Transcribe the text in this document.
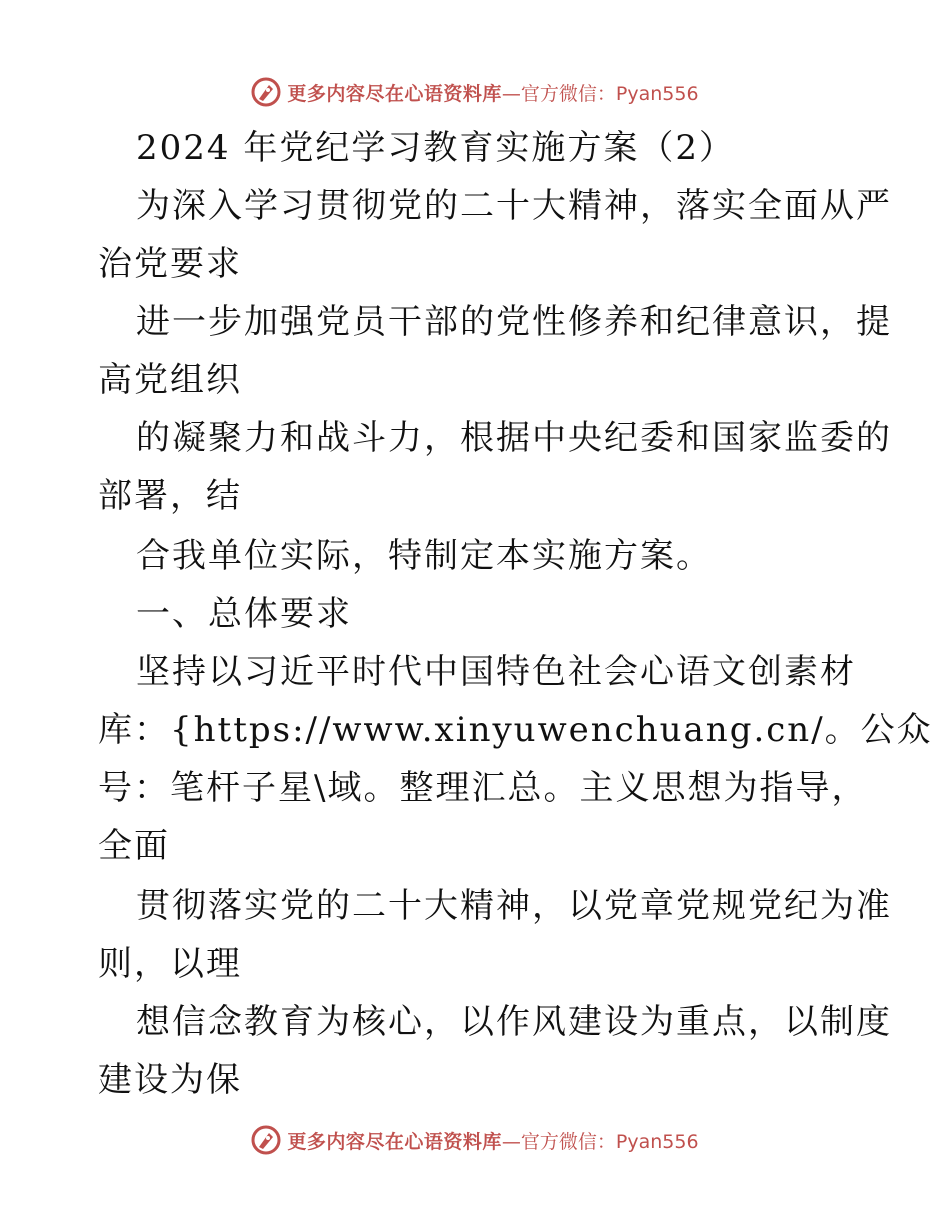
更多内容尽在心语资料库 —官方微信：Pyan556
2024 年党纪学习教育实施方案（2）
为深入学习贯彻党的二十大精神，落实全面从严
治党要求
进一步加强党员干部的党性修养和纪律意识，提
高党组织
的凝聚力和战斗力，根据中央纪委和国家监委的
部署，结
合我单位实际，特制定本实施方案。
一、总体要求
坚持以习近平时代中国特色社会心语文创素材
库：{https://www.xinyuwenchuang.cn/。公众
号：笔杆子星\域。整理汇总。主义思想为指导，
全面
贯彻落实党的二十大精神，以党章党规党纪为准
则，以理
想信念教育为核心，以作风建设为重点，以制度
建设为保
更多内容尽在心语资料库 —官方微信：Pyan556
